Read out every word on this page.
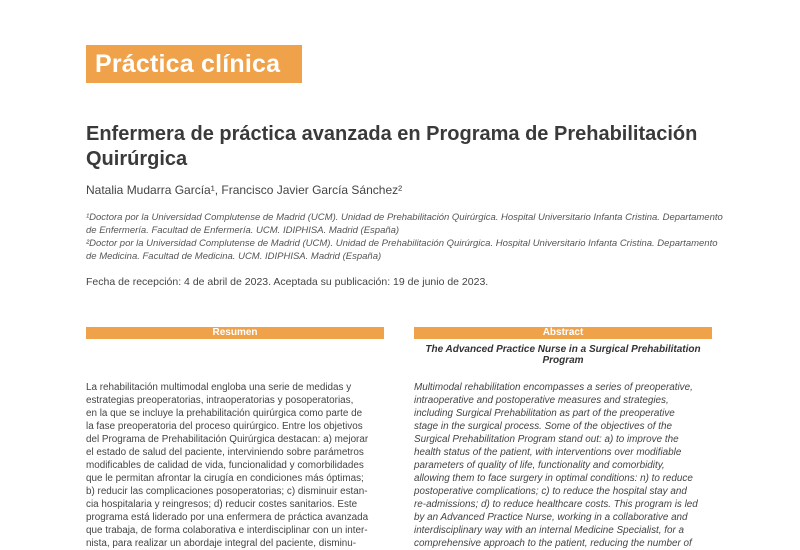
Práctica clínica
Enfermera de práctica avanzada en Programa de Prehabilitación Quirúrgica
Natalia Mudarra García¹, Francisco Javier García Sánchez²

¹Doctora por la Universidad Complutense de Madrid (UCM). Unidad de Prehabilitación Quirúrgica. Hospital Universitario Infanta Cristina. Departamento de Enfermería. Facultad de Enfermería. UCM. IDIPHISA. Madrid (España)

²Doctor por la Universidad Complutense de Madrid (UCM). Unidad de Prehabilitación Quirúrgica. Hospital Universitario Infanta Cristina. Departamento de Medicina. Facultad de Medicina. UCM. IDIPHISA. Madrid (España)

Fecha de recepción: 4 de abril de 2023. Aceptada su publicación: 19 de junio de 2023.
Resumen	Abstract
The Advanced Practice Nurse in a Surgical Prehabilitation Program
La rehabilitación multimodal engloba una serie de medidas y
estrategias preoperatorias, intraoperatorias y posoperatorias,
en la que se incluye la prehabilitación quirúrgica como parte de
la fase preoperatoria del proceso quirúrgico. Entre los objetivos
del Programa de Prehabilitación Quirúrgica destacan: a) mejorar
el estado de salud del paciente, interviniendo sobre parámetros
modificables de calidad de vida, funcionalidad y comorbilidades
que le permitan afrontar la cirugía en condiciones más óptimas;
b) reducir las complicaciones posoperatorias; c) disminuir estan-
cia hospitalaria y reingresos; d) reducir costes sanitarios. Este
programa está liderado por una enfermera de práctica avanzada
que trabaja, de forma colaborativa e interdisciplinar con un inter-
nista, para realizar un abordaje integral del paciente, disminu-
Multimodal rehabilitation encompasses a series of preoperative,
intraoperative and postoperative measures and strategies,
including Surgical Prehabilitation as part of the preoperative
stage in the surgical process. Some of the objectives of the
Surgical Prehabilitation Program stand out: a) to improve the
health status of the patient, with interventions over modifiable
parameters of quality of life, functionality and comorbidity,
allowing them to face surgery in optimal conditions: n) to reduce
postoperative complications; c) to reduce the hospital stay and
re-admissions; d) to reduce healthcare costs. This program is led
by an Advanced Practice Nurse, working in a collaborative and
interdisciplinary way with an internal Medicine Specialist, for a
comprehensive approach to the patient, reducing the number of
